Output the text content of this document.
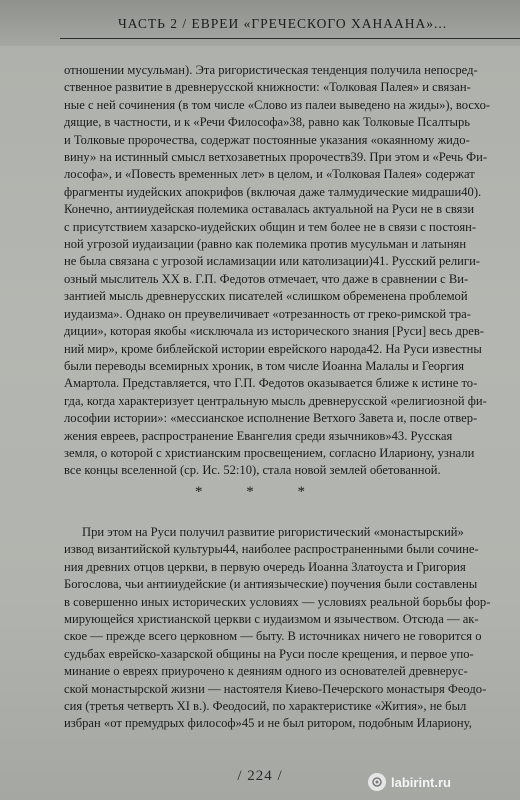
ЧАСТЬ 2 / ЕВРЕИ «ГРЕЧЕСКОГО ХАНААНА»...
отношении мусульман). Эта ригористическая тенденция получила непосред-
ственное развитие в древнерусской книжности: «Толковая Палея» и связан-
ные с ней сочинения (в том числе «Слово из палеи выведено на жиды»), восхо-
дящие, в частности, и к «Речи Философа»38, равно как Толковые Псалтырь
и Толковые пророчества, содержат постоянные указания «окаянному жидо-
вину» на истинный смысл ветхозаветных пророчеств39. При этом и «Речь Фи-
лософа», и «Повесть временных лет» в целом, и «Толковая Палея» содержат
фрагменты иудейских апокрифов (включая даже талмудические мидраши40).
Конечно, антииудейская полемика оставалась актуальной на Руси не в связи
с присутствием хазарско-иудейских общин и тем более не в связи с постоян-
ной угрозой иудаизации (равно как полемика против мусульман и латынян
не была связана с угрозой исламизации или католизации)41. Русский религи-
озный мыслитель XX в. Г.П. Федотов отмечает, что даже в сравнении с Ви-
зантией мысль древнерусских писателей «слишком обременена проблемой
иудаизма». Однако он преувеличивает «отрезанность от греко-римской тра-
диции», которая якобы «исключала из исторического знания [Руси] весь древ-
ний мир», кроме библейской истории еврейского народа42. На Руси известны
были переводы всемирных хроник, в том числе Иоанна Малалы и Георгия
Амартола. Представляется, что Г.П. Федотов оказывается ближе к истине то-
гда, когда характеризует центральную мысль древнерусской «религиозной фи-
лософии истории»: «мессианское исполнение Ветхого Завета и, после отвер-
жения евреев, распространение Евангелия среди язычников»43. Русская
земля, о которой с христианским просвещением, согласно Илариону, узнали
все концы вселенной (ср. Ис. 52:10), стала новой землей обетованной.
* * *
При этом на Руси получил развитие ригористический «монастырский»
извод византийской культуры44, наиболее распространенными были сочине-
ния древних отцов церкви, в первую очередь Иоанна Златоуста и Григория
Богослова, чьи антииудейские (и антиязыческие) поучения были составлены
в совершенно иных исторических условиях — условиях реальной борьбы фор-
мирующейся христианской церкви с иудаизмом и язычеством. Отсюда — ак-
ское — прежде всего церковном — быту. В источниках ничего не говорится о
судьбах еврейско-хазарской общины на Руси после крещения, и первое упо-
минание о евреях приурочено к деяниям одного из основателей древнерус-
ской монастырской жизни — настоятеля Киево-Печерского монастыря Феодо-
сия (третья четверть XI в.). Феодосий, по характеристике «Жития», не был
избран «от премудрых философ»45 и не был ритором, подобным Илариону,
/ 224 /	labirint.ru
